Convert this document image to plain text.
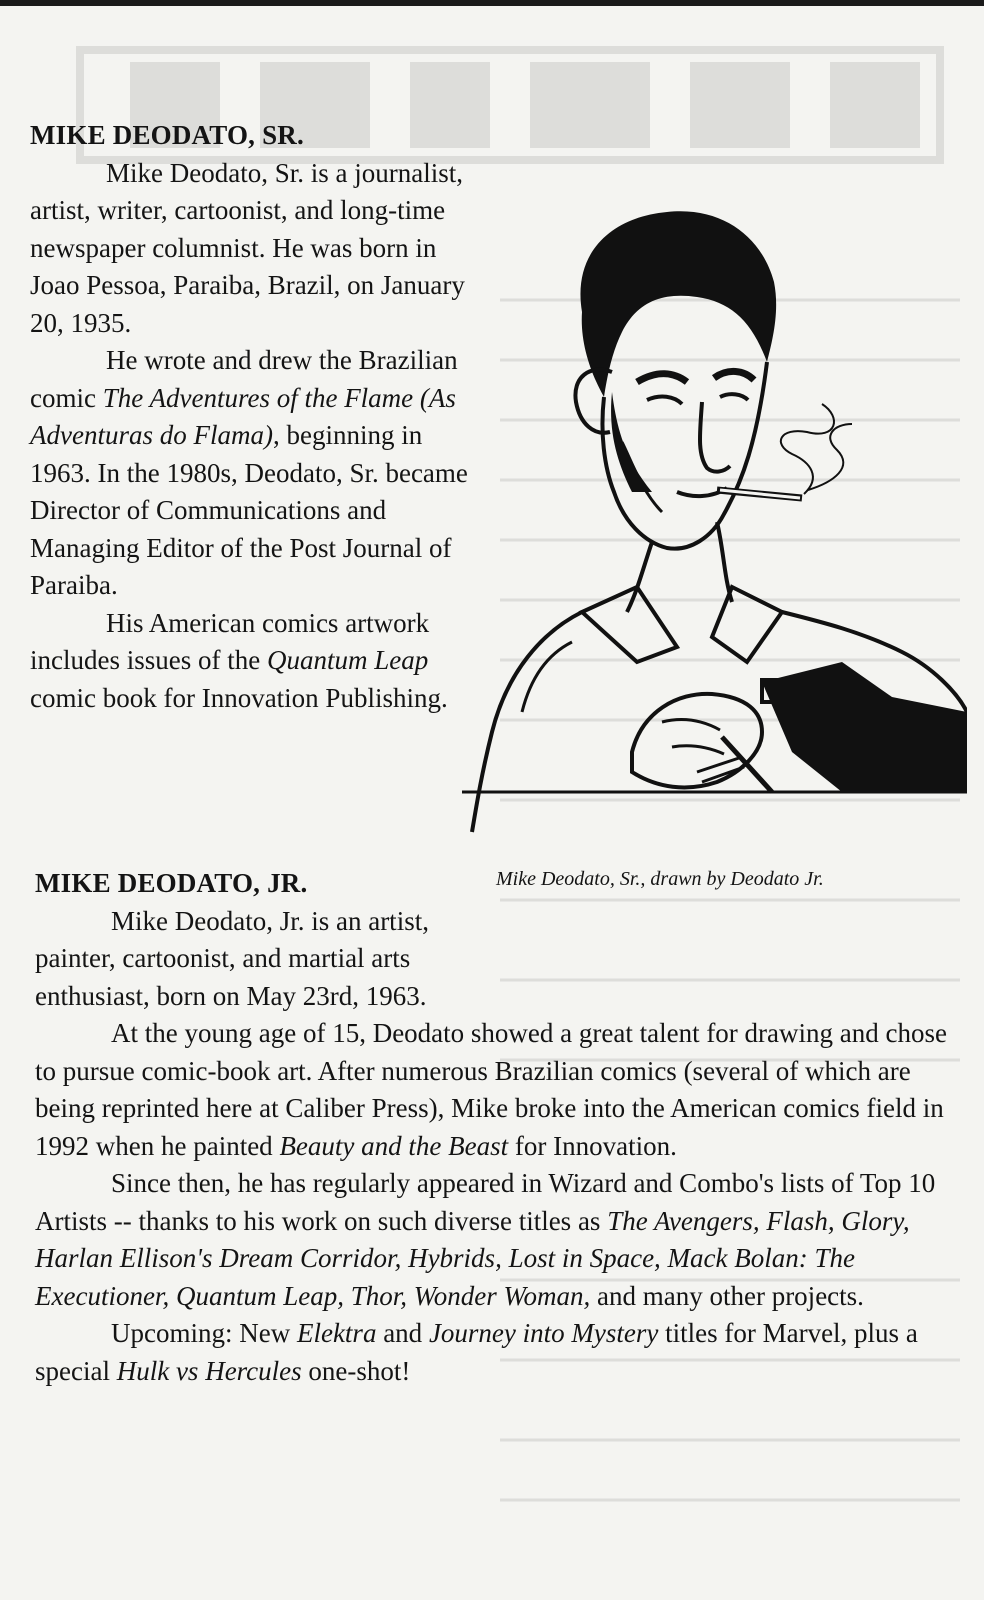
MIKE DEODATO, SR.

Mike Deodato, Sr. is a journalist, artist, writer, cartoonist, and long-time newspaper columnist. He was born in Joao Pessoa, Paraiba, Brazil, on January 20, 1935.

He wrote and drew the Brazilian comic The Adventures of the Flame (As Adventuras do Flama), beginning in 1963. In the 1980s, Deodato, Sr. became Director of Communications and Managing Editor of the Post Journal of Paraiba.

His American comics artwork includes issues of the Quantum Leap comic book for Innovation Publishing.

Mike Deodato, Sr., drawn by Deodato Jr.
MIKE DEODATO, JR.

Mike Deodato, Jr. is an artist, painter, cartoonist, and martial arts enthusiast, born on May 23rd, 1963.

At the young age of 15, Deodato showed a great talent for drawing and chose to pursue comic-book art. After numerous Brazilian comics (several of which are being reprinted here at Caliber Press), Mike broke into the American comics field in 1992 when he painted Beauty and the Beast for Innovation.

Since then, he has regularly appeared in Wizard and Combo's lists of Top 10 Artists -- thanks to his work on such diverse titles as The Avengers, Flash, Glory, Harlan Ellison's Dream Corridor, Hybrids, Lost in Space, Mack Bolan: The Executioner, Quantum Leap, Thor, Wonder Woman, and many other projects.

Upcoming: New Elektra and Journey into Mystery titles for Marvel, plus a special Hulk vs Hercules one-shot!
